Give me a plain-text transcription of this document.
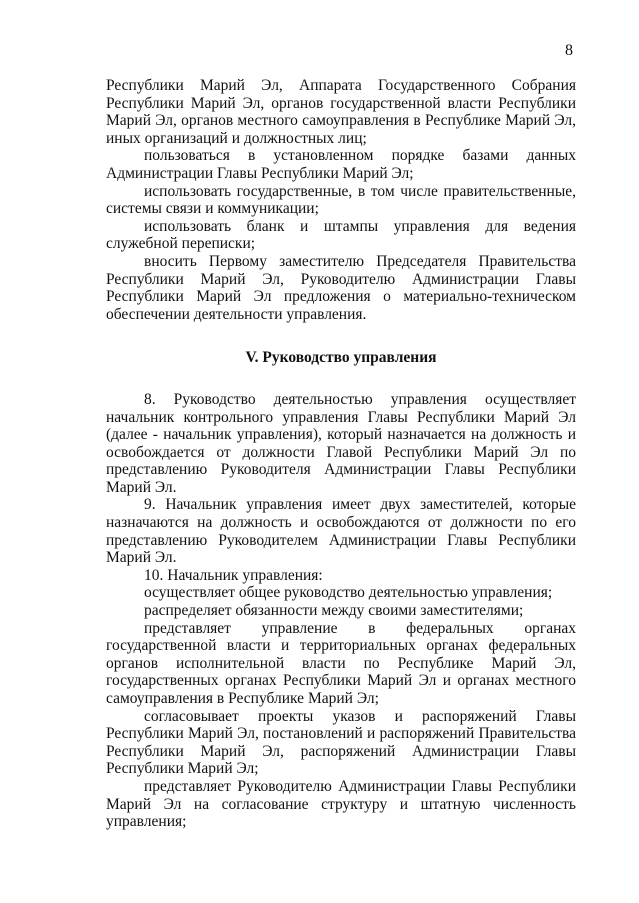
8

Республики Марий Эл, Аппарата Государственного Собрания Республики Марий Эл, органов государственной власти Республики Марий Эл, органов местного самоуправления в Республике Марий Эл, иных организаций и должностных лиц;

пользоваться в установленном порядке базами данных Администрации Главы Республики Марий Эл;

использовать государственные, в том числе правительственные, системы связи и коммуникации;

использовать бланк и штампы управления для ведения служебной переписки;

вносить Первому заместителю Председателя Правительства Республики Марий Эл, Руководителю Администрации Главы Республики Марий Эл предложения о материально-техническом обеспечении деятельности управления.

V. Руководство управления

8. Руководство деятельностью управления осуществляет начальник контрольного управления Главы Республики Марий Эл (далее - начальник управления), который назначается на должность и освобождается от должности Главой Республики Марий Эл по представлению Руководителя Администрации Главы Республики Марий Эл.

9. Начальник управления имеет двух заместителей, которые назначаются на должность и освобождаются от должности по его представлению Руководителем Администрации Главы Республики Марий Эл.

10. Начальник управления:

осуществляет общее руководство деятельностью управления;

распределяет обязанности между своими заместителями;

представляет управление в федеральных органах государственной власти и территориальных органах федеральных органов исполнительной власти по Республике Марий Эл, государственных органах Республики Марий Эл и органах местного самоуправления в Республике Марий Эл;

согласовывает проекты указов и распоряжений Главы Республики Марий Эл, постановлений и распоряжений Правительства Республики Марий Эл, распоряжений Администрации Главы Республики Марий Эл;

представляет Руководителю Администрации Главы Республики Марий Эл на согласование структуру и штатную численность управления;
